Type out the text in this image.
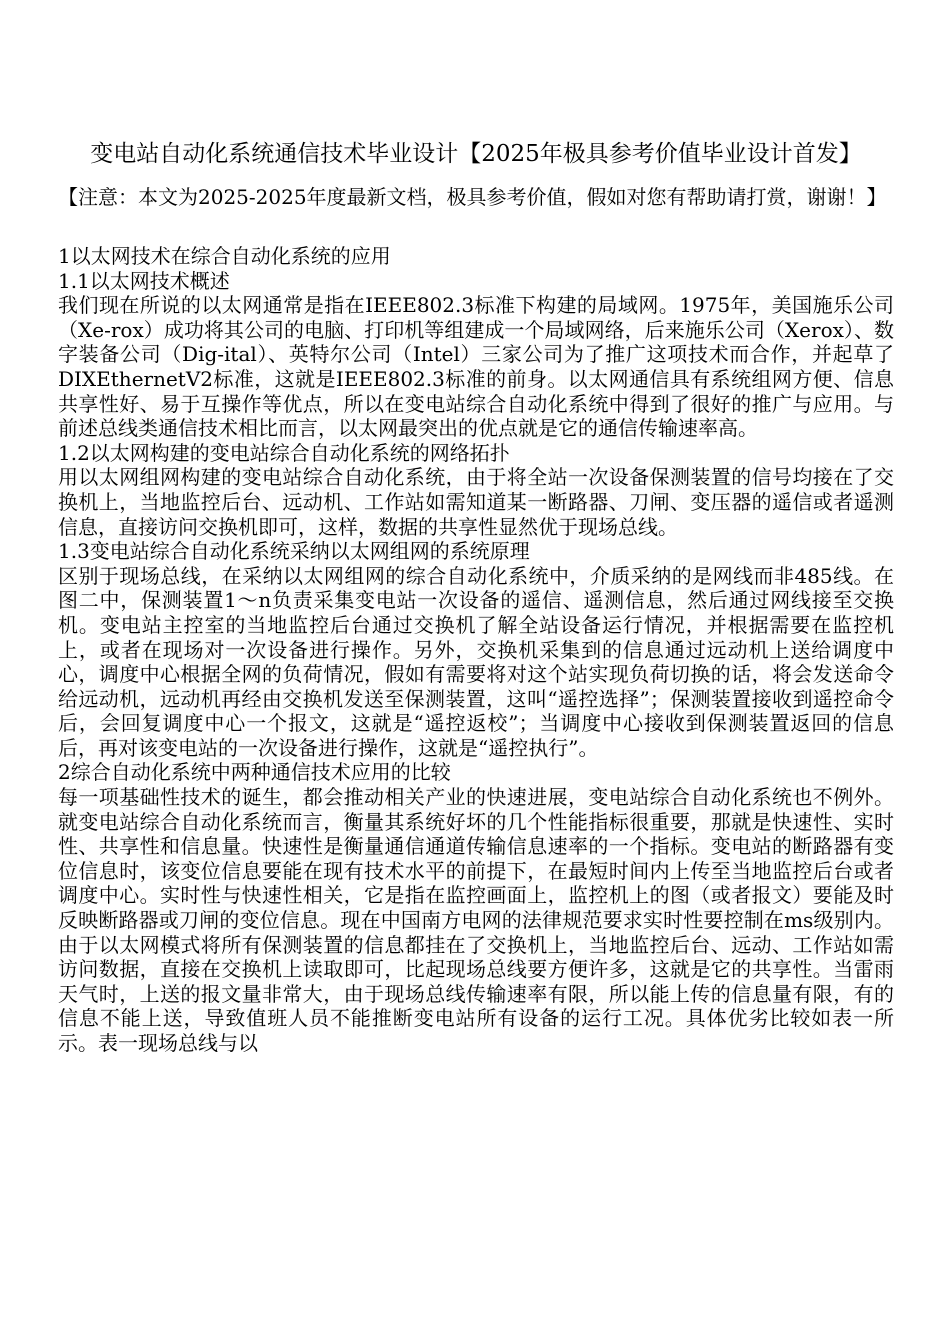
变电站自动化系统通信技术毕业设计【2025年极具参考价值毕业设计首发】

【注意：本文为2025-2025年度最新文档，极具参考价值，假如对您有帮助请打赏，谢谢！】

1以太网技术在综合自动化系统的应用

1.1以太网技术概述

我们现在所说的以太网通常是指在IEEE802.3标准下构建的局域网。1975年，美国施乐公司（Xe-rox）成功将其公司的电脑、打印机等组建成一个局域网络，后来施乐公司（Xerox）、数字装备公司（Dig-ital）、英特尔公司（Intel）三家公司为了推广这项技术而合作，并起草了DIXEthernetV2标准，这就是IEEE802.3标准的前身。以太网通信具有系统组网方便、信息共享性好、易于互操作等优点，所以在变电站综合自动化系统中得到了很好的推广与应用。与前述总线类通信技术相比而言，以太网最突出的优点就是它的通信传输速率高。

1.2以太网构建的变电站综合自动化系统的网络拓扑

用以太网组网构建的变电站综合自动化系统，由于将全站一次设备保测装置的信号均接在了交换机上，当地监控后台、远动机、工作站如需知道某一断路器、刀闸、变压器的遥信或者遥测信息，直接访问交换机即可，这样，数据的共享性显然优于现场总线。

1.3变电站综合自动化系统采纳以太网组网的系统原理

区别于现场总线，在采纳以太网组网的综合自动化系统中，介质采纳的是网线而非485线。在图二中，保测装置1～n负责采集变电站一次设备的遥信、遥测信息，然后通过网线接至交换机。变电站主控室的当地监控后台通过交换机了解全站设备运行情况，并根据需要在监控机上，或者在现场对一次设备进行操作。另外，交换机采集到的信息通过远动机上送给调度中心，调度中心根据全网的负荷情况，假如有需要将对这个站实现负荷切换的话，将会发送命令给远动机，远动机再经由交换机发送至保测装置，这叫“遥控选择”；保测装置接收到遥控命令后，会回复调度中心一个报文，这就是“遥控返校”；当调度中心接收到保测装置返回的信息后，再对该变电站的一次设备进行操作，这就是“遥控执行”。

2综合自动化系统中两种通信技术应用的比较

每一项基础性技术的诞生，都会推动相关产业的快速进展，变电站综合自动化系统也不例外。就变电站综合自动化系统而言，衡量其系统好坏的几个性能指标很重要，那就是快速性、实时性、共享性和信息量。快速性是衡量通信通道传输信息速率的一个指标。变电站的断路器有变位信息时，该变位信息要能在现有技术水平的前提下，在最短时间内上传至当地监控后台或者调度中心。实时性与快速性相关，它是指在监控画面上，监控机上的图（或者报文）要能及时反映断路器或刀闸的变位信息。现在中国南方电网的法律规范要求实时性要控制在ms级别内。由于以太网模式将所有保测装置的信息都挂在了交换机上，当地监控后台、远动、工作站如需访问数据，直接在交换机上读取即可，比起现场总线要方便许多，这就是它的共享性。当雷雨天气时，上送的报文量非常大，由于现场总线传输速率有限，所以能上传的信息量有限，有的信息不能上送，导致值班人员不能推断变电站所有设备的运行工况。具体优劣比较如表一所示。表一现场总线与以
